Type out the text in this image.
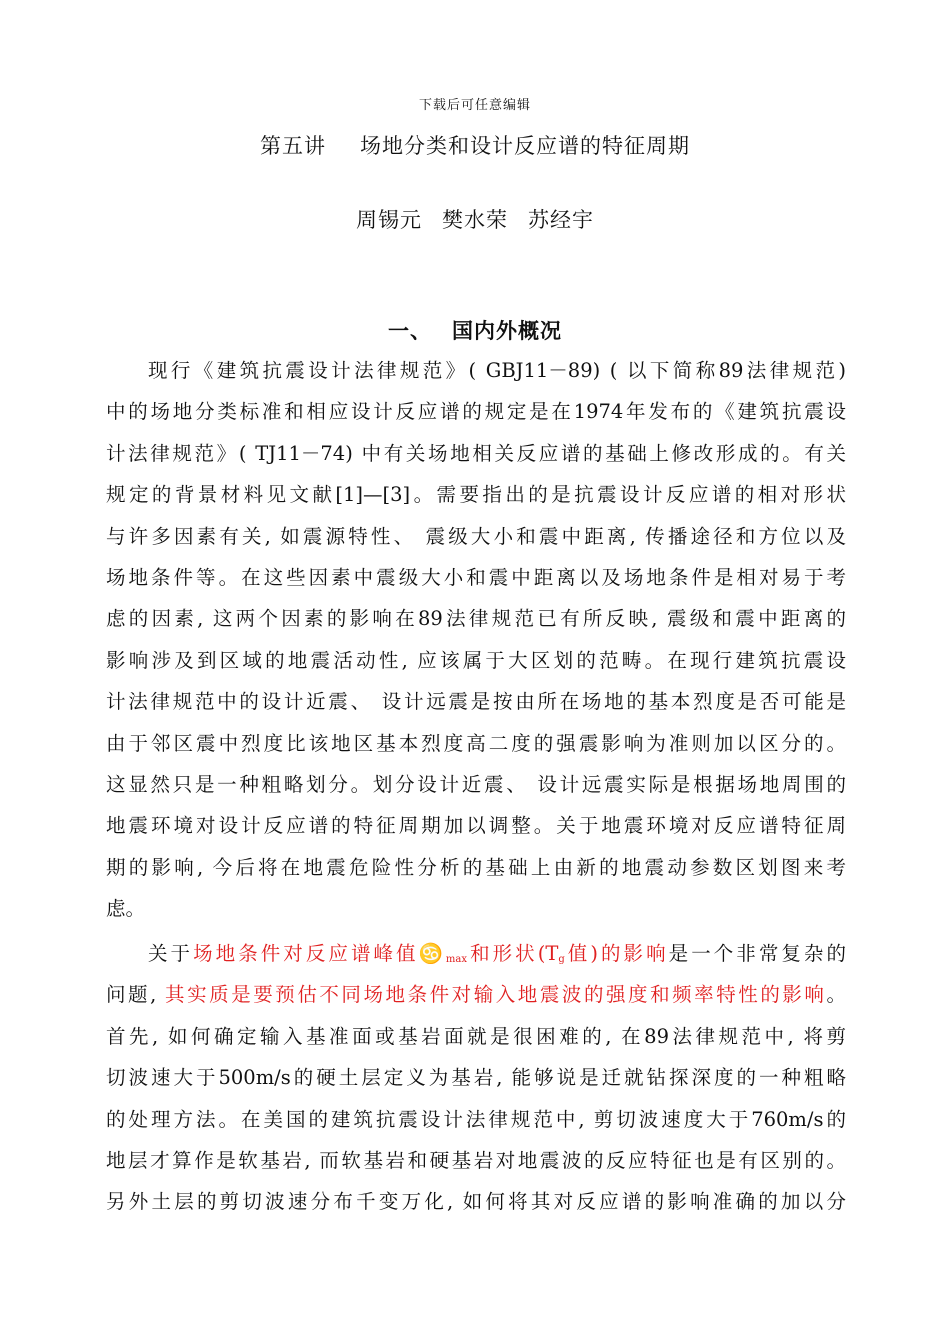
下载后可任意编辑
第五讲 场地分类和设计反应谱的特征周期
周锡元 樊水荣 苏经宇
一、 国内外概况
现行《建筑抗震设计法律规范》( GBJ11－89) ( 以下简称89法律规范)
中的场地分类标准和相应设计反应谱的规定是在1974年发布的《建筑抗震设
计法律规范》( TJ11－74) 中有关场地相关反应谱的基础上修改形成的。有关
规定的背景材料见文献[1]—[3]。需要指出的是抗震设计反应谱的相对形状
与许多因素有关, 如震源特性、 震级大小和震中距离, 传播途径和方位以及
场地条件等。在这些因素中震级大小和震中距离以及场地条件是相对易于考
虑的因素, 这两个因素的影响在89法律规范已有所反映, 震级和震中距离的
影响涉及到区域的地震活动性, 应该属于大区划的范畴。在现行建筑抗震设
计法律规范中的设计近震、 设计远震是按由所在场地的基本烈度是否可能是
由于邻区震中烈度比该地区基本烈度高二度的强震影响为准则加以区分的。
这显然只是一种粗略划分。划分设计近震、 设计远震实际是根据场地周围的
地震环境对设计反应谱的特征周期加以调整。关于地震环境对反应谱特征周
期的影响, 今后将在地震危险性分析的基础上由新的地震动参数区划图来考
虑。
关于场地条件对反应谱峰值$♋_{max}$和形状($T_g$值)的影响是一个非常复杂的
问题, 其实质是要预估不同场地条件对输入地震波的强度和频率特性的影响。
首先, 如何确定输入基准面或基岩面就是很困难的, 在89法律规范中, 将剪
切波速大于500m/s的硬土层定义为基岩, 能够说是迁就钻探深度的一种粗略
的处理方法。在美国的建筑抗震设计法律规范中, 剪切波速度大于760m/s的
地层才算作是软基岩, 而软基岩和硬基岩对地震波的反应特征也是有区别的。
另外土层的剪切波速分布千变万化, 如何将其对反应谱的影响准确的加以分
